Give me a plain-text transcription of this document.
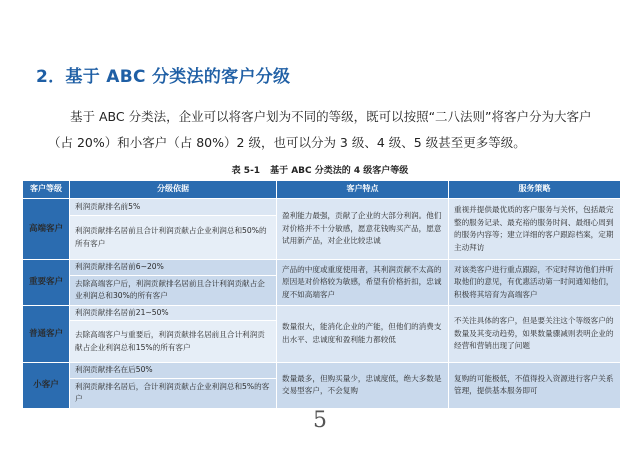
2．基于 ABC 分类法的客户分级
基于 ABC 分类法，企业可以将客户划为不同的等级，既可以按照“二八法则”将客户分为大客户
（占 20%）和小客户（占 80%）2 级，也可以分为 3 级、4 级、5 级甚至更多等级。
表 5-1 基于 ABC 分类法的 4 级客户等级
客户等级	分级依据	客户特点	服务策略
高端客户	利润贡献排名前5%	盈利能力最强，贡献了企业的大部分利润。他们对价格并不十分敏感，愿意花钱购买产品，愿意试用新产品，对企业比较忠诚	重视并提供最优质的客户服务与关怀，包括最完整的服务记录、最充裕的服务时间、最细心周到的服务内容等；建立详细的客户跟踪档案，定期主动拜访
	利润贡献排名居前且合计利润贡献占企业利润总和50%的所有客户		
重要客户	利润贡献排名居前6~20%	产品的中度或重度使用者，其利润贡献不太高的原因是对价格较为敏感，希望有价格折扣，忠诚度不如高端客户	对该类客户进行重点跟踪，不定时拜访他们并听取他们的意见，有优惠活动第一时间通知他们，积极将其培育为高端客户
	去除高端客户后，利润贡献排名居前且合计利润贡献占企业利润总和30%的所有客户		
普通客户	利润贡献排名居前21~50%	数量很大，能消化企业的产能，但他们的消费支出水平、忠诚度和盈利能力都较低	不关注具体的客户，但是要关注这个等级客户的数量及其变动趋势，如果数量骤减则表明企业的经营和营销出现了问题
	去除高端客户与重要后，利润贡献排名居前且合计利润贡献占企业利润总和15%的所有客户		
小客户	利润贡献排名在后50%	数量最多，但购买量少，忠诚度低，绝大多数是交易型客户，不会复购	复购的可能极低，不值得投入资源进行客户关系管理，提供基本服务即可
	利润贡献排名居后，合计利润贡献占企业利润总和5%的客户		
5
